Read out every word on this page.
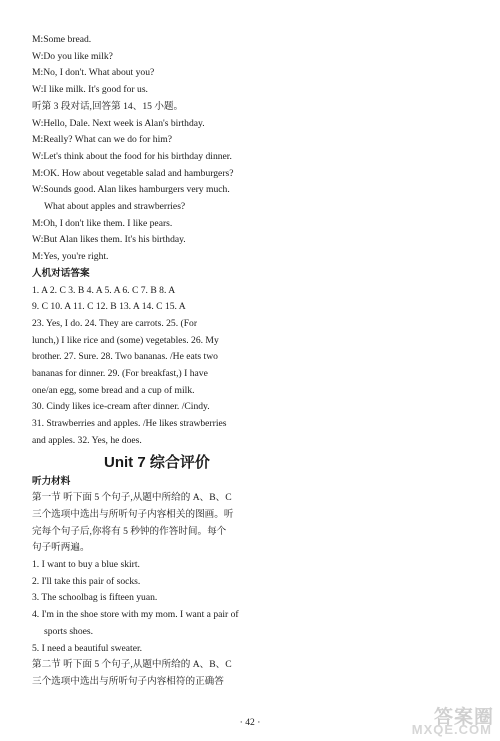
M:Some bread.
W:Do you like milk?
M:No, I don't. What about you?
W:I like milk. It's good for us.
听第 3 段对话,回答第 14、15 小题。
W:Hello, Dale. Next week is Alan's birthday.
M:Really? What can we do for him?
W:Let's think about the food for his birthday dinner.
M:OK. How about vegetable salad and hamburgers?
W:Sounds good. Alan likes hamburgers very much.
What about apples and strawberries?
M:Oh, I don't like them. I like pears.
W:But Alan likes them. It's his birthday.
M:Yes, you're right.
人机对话答案
1. A 2. C 3. B 4. A 5. A 6. C 7. B 8. A
9. C 10. A 11. C 12. B 13. A 14. C 15. A
23. Yes, I do. 24. They are carrots. 25. (For
lunch,) I like rice and (some) vegetables. 26. My
brother. 27. Sure. 28. Two bananas. /He eats two
bananas for dinner. 29. (For breakfast,) I have
one/an egg, some bread and a cup of milk.
30. Cindy likes ice-cream after dinner. /Cindy.
31. Strawberries and apples. /He likes strawberries
and apples. 32. Yes, he does.
Unit 7 综合评价
听力材料
第一节 听下面 5 个句子,从题中所给的 A、B、C
三个选项中选出与所听句子内容相关的图画。听
完每个句子后,你将有 5 秒钟的作答时间。每个
句子听两遍。
1. I want to buy a blue skirt.
2. I'll take this pair of socks.
3. The schoolbag is fifteen yuan.
4. I'm in the shoe store with my mom. I want a pair of
sports shoes.
5. I need a beautiful sweater.
第二节 听下面 5 个句子,从题中所给的 A、B、C
三个选项中选出与所听句子内容相符的正确答
· 42 ·	答案圈
MXQE.COM
